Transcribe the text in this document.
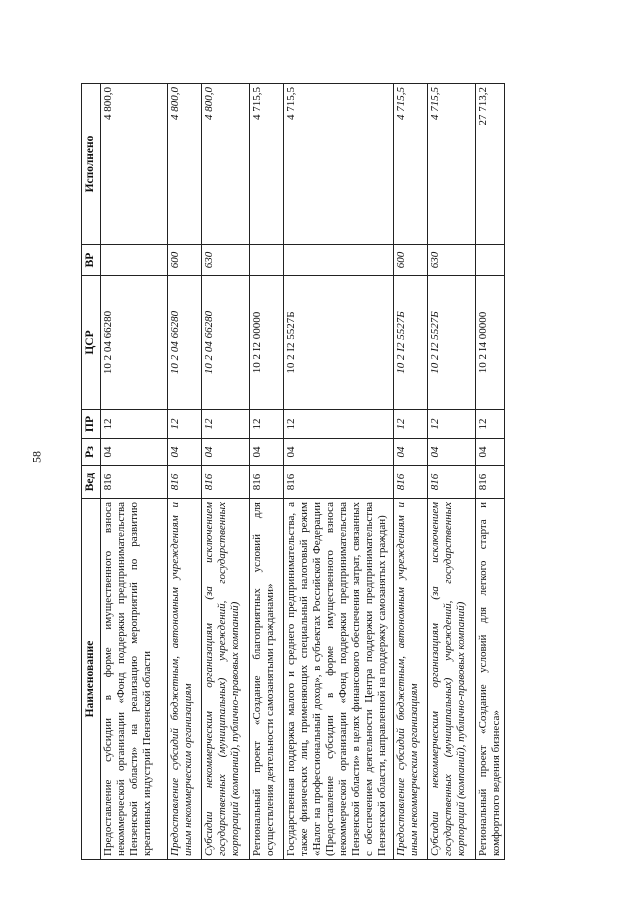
58
Наименование	Вед	Рз	ПР	ЦСР	ВР	Исполнено
Предоставление субсидии в форме имущественного взноса некоммерческой организации «Фонд поддержки предпринимательства Пензенской области» на реализацию мероприятий по развитию креативных индустрий Пензенской области	816	04	12	10 2 04 66280		4 800,0
Предоставление субсидий бюджетным, автономным учреждениям и иным некоммерческим организациям	816	04	12	10 2 04 66280	600	4 800,0
Субсидии некоммерческим организациям (за исключением государственных (муниципальных) учреждений, государственных корпораций (компаний), публично-правовых компаний)	816	04	12	10 2 04 66280	630	4 800,0
Региональный проект «Создание благоприятных условий для осуществления деятельности самозанятыми гражданами»	816	04	12	10 2 I2 00000		4 715,5
Государственная поддержка малого и среднего предпринимательства, а также физических лиц, применяющих специальный налоговый режим «Налог на профессиональный доход», в субъектах Российской Федерации (Предоставление субсидии в форме имущественного взноса некоммерческой организации «Фонд поддержки предпринимательства Пензенской области» в целях финансового обеспечения затрат, связанных с обеспечением деятельности Центра поддержки предпринимательства Пензенской области, направленной на поддержку самозанятых граждан)	816	04	12	10 2 I2 5527Б		4 715,5
Предоставление субсидий бюджетным, автономным учреждениям и иным некоммерческим организациям	816	04	12	10 2 I2 5527Б	600	4 715,5
Субсидии некоммерческим организациям (за исключением государственных (муниципальных) учреждений, государственных корпораций (компаний), публично-правовых компаний)	816	04	12	10 2 I2 5527Б	630	4 715,5
Региональный проект «Создание условий для легкого старта и комфортного ведения бизнеса»	816	04	12	10 2 I4 00000		27 713,2
